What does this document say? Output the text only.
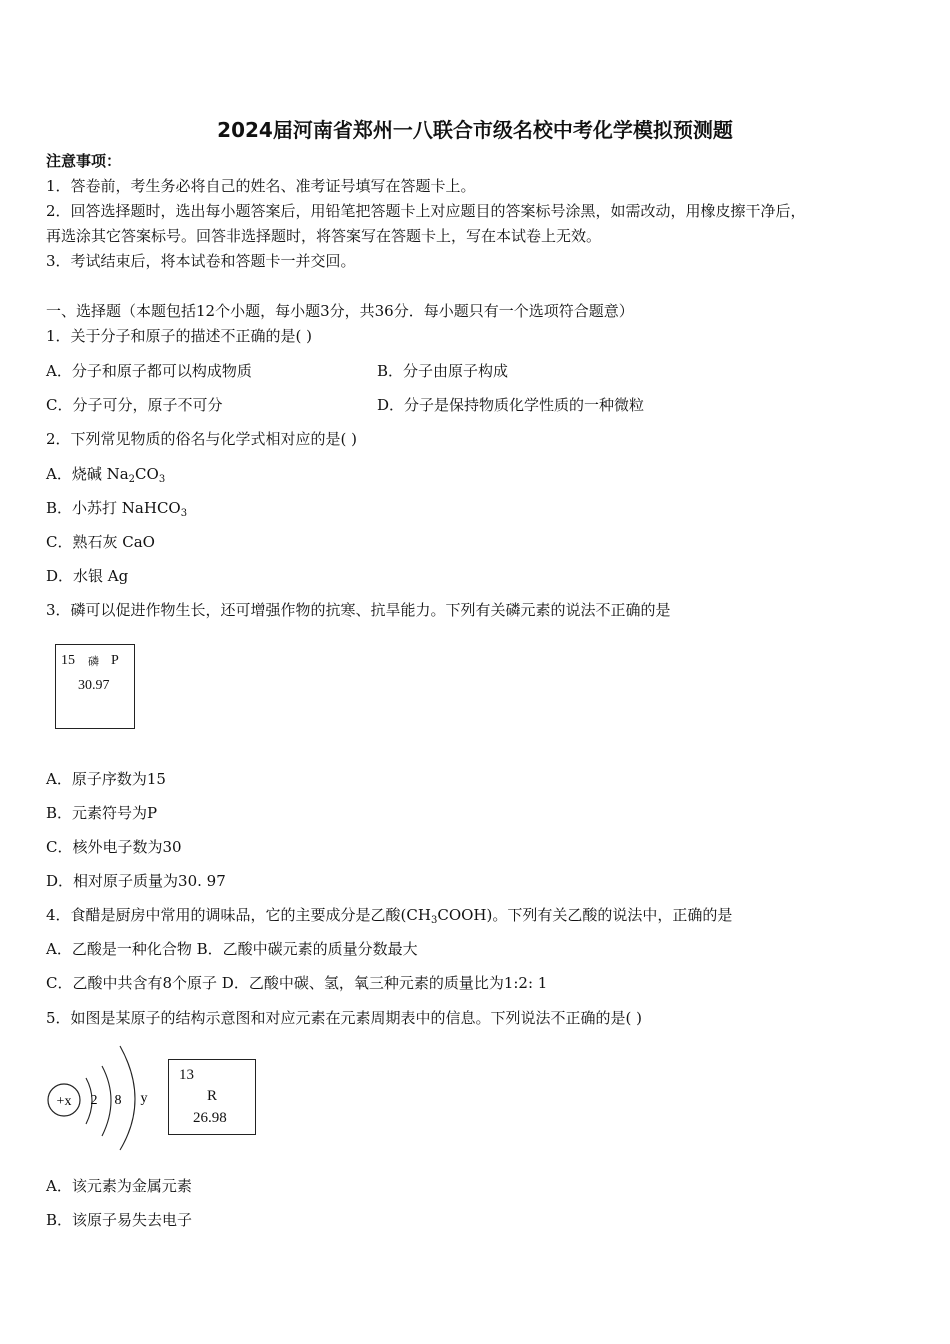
2024届河南省郑州一八联合市级名校中考化学模拟预测题
注意事项：
1．答卷前，考生务必将自己的姓名、准考证号填写在答题卡上。
2．回答选择题时，选出每小题答案后，用铅笔把答题卡上对应题目的答案标号涂黑，如需改动，用橡皮擦干净后，
再选涂其它答案标号。回答非选择题时，将答案写在答题卡上，写在本试卷上无效。
3．考试结束后，将本试卷和答题卡一并交回。
一、选择题（本题包括12个小题，每小题3分，共36分．每小题只有一个选项符合题意）
1．关于分子和原子的描述不正确的是( )
A．分子和原子都可以构成物质	B．分子由原子构成
C．分子可分，原子不可分	D．分子是保持物质化学性质的一种微粒
2．下列常见物质的俗名与化学式相对应的是( )
A．烧碱 $Na_2CO_3$
B．小苏打 NaHCO$_3$
C．熟石灰 CaO
D．水银 Ag
3．磷可以促进作物生长，还可增强作物的抗寒、抗旱能力。下列有关磷元素的说法不正确的是
15 磷 P
30.97
A．原子序数为15
B．元素符号为P
C．核外电子数为30
D．相对原子质量为30. 97
4．食醋是厨房中常用的调味品，它的主要成分是乙酸$(CH_3COOH)$。下列有关乙酸的说法中，正确的是
A．乙酸是一种化合物 B．乙酸中碳元素的质量分数最大
C．乙酸中共含有8个原子 D．乙酸中碳、氢，氧三种元素的质量比为1:2: 1
5．如图是某原子的结构示意图和对应元素在元素周期表中的信息。下列说法不正确的是( )
+x 2 8 y
13
R
26.98
A．该元素为金属元素
B．该原子易失去电子
